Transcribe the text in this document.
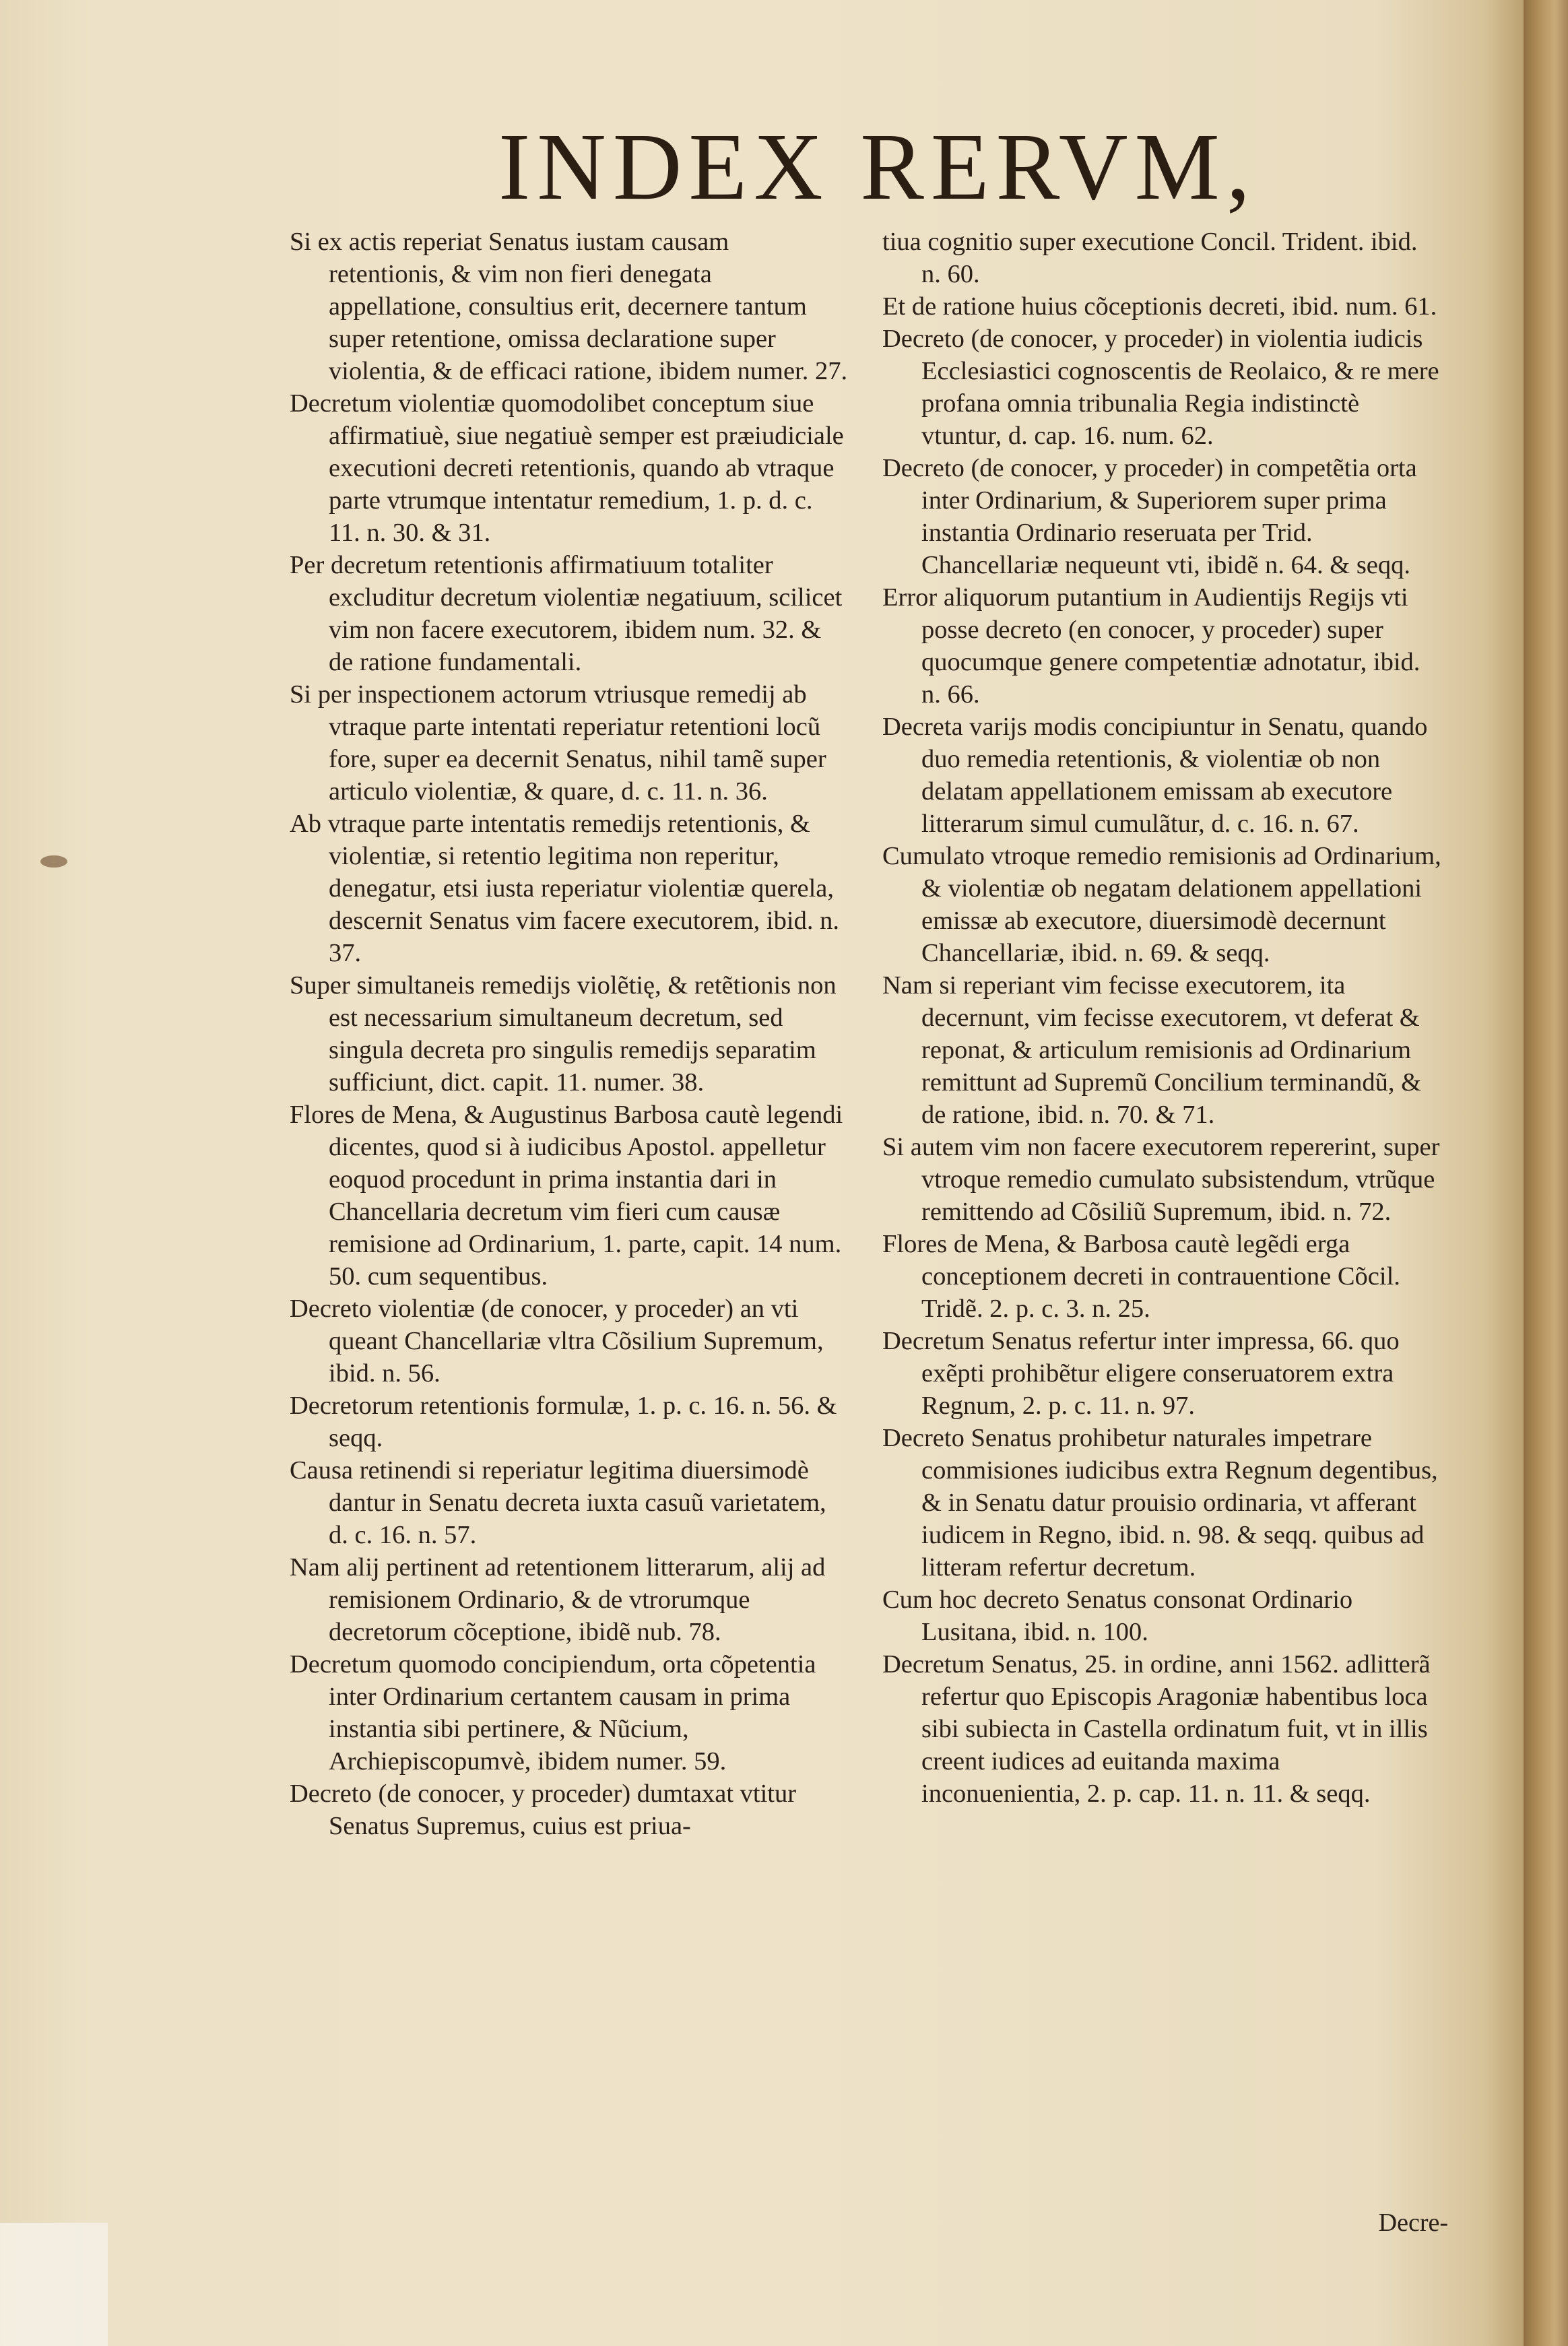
INDEX RERVM,

Si ex actis reperiat Senatus iustam causam retentionis, & vim non fieri denegata appellatione, consultius erit, decernere tantum super retentione, omissa declaratione super violentia, & de efficaci ratione, ibidem numer. 27.

Decretum violentiæ quomodolibet conceptum siue affirmatiuè, siue negatiuè semper est præiudiciale executioni decreti retentionis, quando ab vtraque parte vtrumque intentatur remedium, 1. p. d. c. 11. n. 30. & 31.

Per decretum retentionis affirmatiuum totaliter excluditur decretum violentiæ negatiuum, scilicet vim non facere executorem, ibidem num. 32. & de ratione fundamentali.

Si per inspectionem actorum vtriusque remedij ab vtraque parte intentati reperiatur retentioni locũ fore, super ea decernit Senatus, nihil tamẽ super articulo violentiæ, & quare, d. c. 11. n. 36.

Ab vtraque parte intentatis remedijs retentionis, & violentiæ, si retentio legitima non reperitur, denegatur, etsi iusta reperiatur violentiæ querela, descernit Senatus vim facere executorem, ibid. n. 37.

Super simultaneis remedijs violẽtię, & retẽtionis non est necessarium simultaneum decretum, sed singula decreta pro singulis remedijs separatim sufficiunt, dict. capit. 11. numer. 38.

Flores de Mena, & Augustinus Barbosa cautè legendi dicentes, quod si à iudicibus Apostol. appelletur eoquod procedunt in prima instantia dari in Chancellaria decretum vim fieri cum causæ remisione ad Ordinarium, 1. parte, capit. 14 num. 50. cum sequentibus.

Decreto violentiæ (de conocer, y proceder) an vti queant Chancellariæ vltra Cõsilium Supremum, ibid. n. 56.

Decretorum retentionis formulæ, 1. p. c. 16. n. 56. & seqq.

Causa retinendi si reperiatur legitima diuersimodè dantur in Senatu decreta iuxta casuũ varietatem, d. c. 16. n. 57.

Nam alij pertinent ad retentionem litterarum, alij ad remisionem Ordinario, & de vtrorumque decretorum cõceptione, ibidẽ nub. 78.

Decretum quomodo concipiendum, orta cõpetentia inter Ordinarium certantem causam in prima instantia sibi pertinere, & Nũcium, Archiepiscopumvè, ibidem numer. 59.

Decreto (de conocer, y proceder) dumtaxat vtitur Senatus Supremus, cuius est priua-

tiua cognitio super executione Concil. Trident. ibid. n. 60.

Et de ratione huius cõceptionis decreti, ibid. num. 61.

Decreto (de conocer, y proceder) in violentia iudicis Ecclesiastici cognoscentis de Reolaico, & re mere profana omnia tribunalia Regia indistinctè vtuntur, d. cap. 16. num. 62.

Decreto (de conocer, y proceder) in competẽtia orta inter Ordinarium, & Superiorem super prima instantia Ordinario reseruata per Trid. Chancellariæ nequeunt vti, ibidẽ n. 64. & seqq.

Error aliquorum putantium in Audientijs Regijs vti posse decreto (en conocer, y proceder) super quocumque genere competentiæ adnotatur, ibid. n. 66.

Decreta varijs modis concipiuntur in Senatu, quando duo remedia retentionis, & violentiæ ob non delatam appellationem emissam ab executore litterarum simul cumulãtur, d. c. 16. n. 67.

Cumulato vtroque remedio remisionis ad Ordinarium, & violentiæ ob negatam delationem appellationi emissæ ab executore, diuersimodè decernunt Chancellariæ, ibid. n. 69. & seqq.

Nam si reperiant vim fecisse executorem, ita decernunt, vim fecisse executorem, vt deferat & reponat, & articulum remisionis ad Ordinarium remittunt ad Supremũ Concilium terminandũ, & de ratione, ibid. n. 70. & 71.

Si autem vim non facere executorem repererint, super vtroque remedio cumulato subsistendum, vtrũque remittendo ad Cõsiliũ Supremum, ibid. n. 72.

Flores de Mena, & Barbosa cautè legẽdi erga conceptionem decreti in contrauentione Cõcil. Tridẽ. 2. p. c. 3. n. 25.

Decretum Senatus refertur inter impressa, 66. quo exẽpti prohibẽtur eligere conseruatorem extra Regnum, 2. p. c. 11. n. 97.

Decreto Senatus prohibetur naturales impetrare commisiones iudicibus extra Regnum degentibus, & in Senatu datur prouisio ordinaria, vt afferant iudicem in Regno, ibid. n. 98. & seqq. quibus ad litteram refertur decretum.

Cum hoc decreto Senatus consonat Ordinario Lusitana, ibid. n. 100.

Decretum Senatus, 25. in ordine, anni 1562. adlitterã refertur quo Episcopis Aragoniæ habentibus loca sibi subiecta in Castella ordinatum fuit, vt in illis creent iudices ad euitanda maxima inconuenientia, 2. p. cap. 11. n. 11. & seqq.

Decre-
